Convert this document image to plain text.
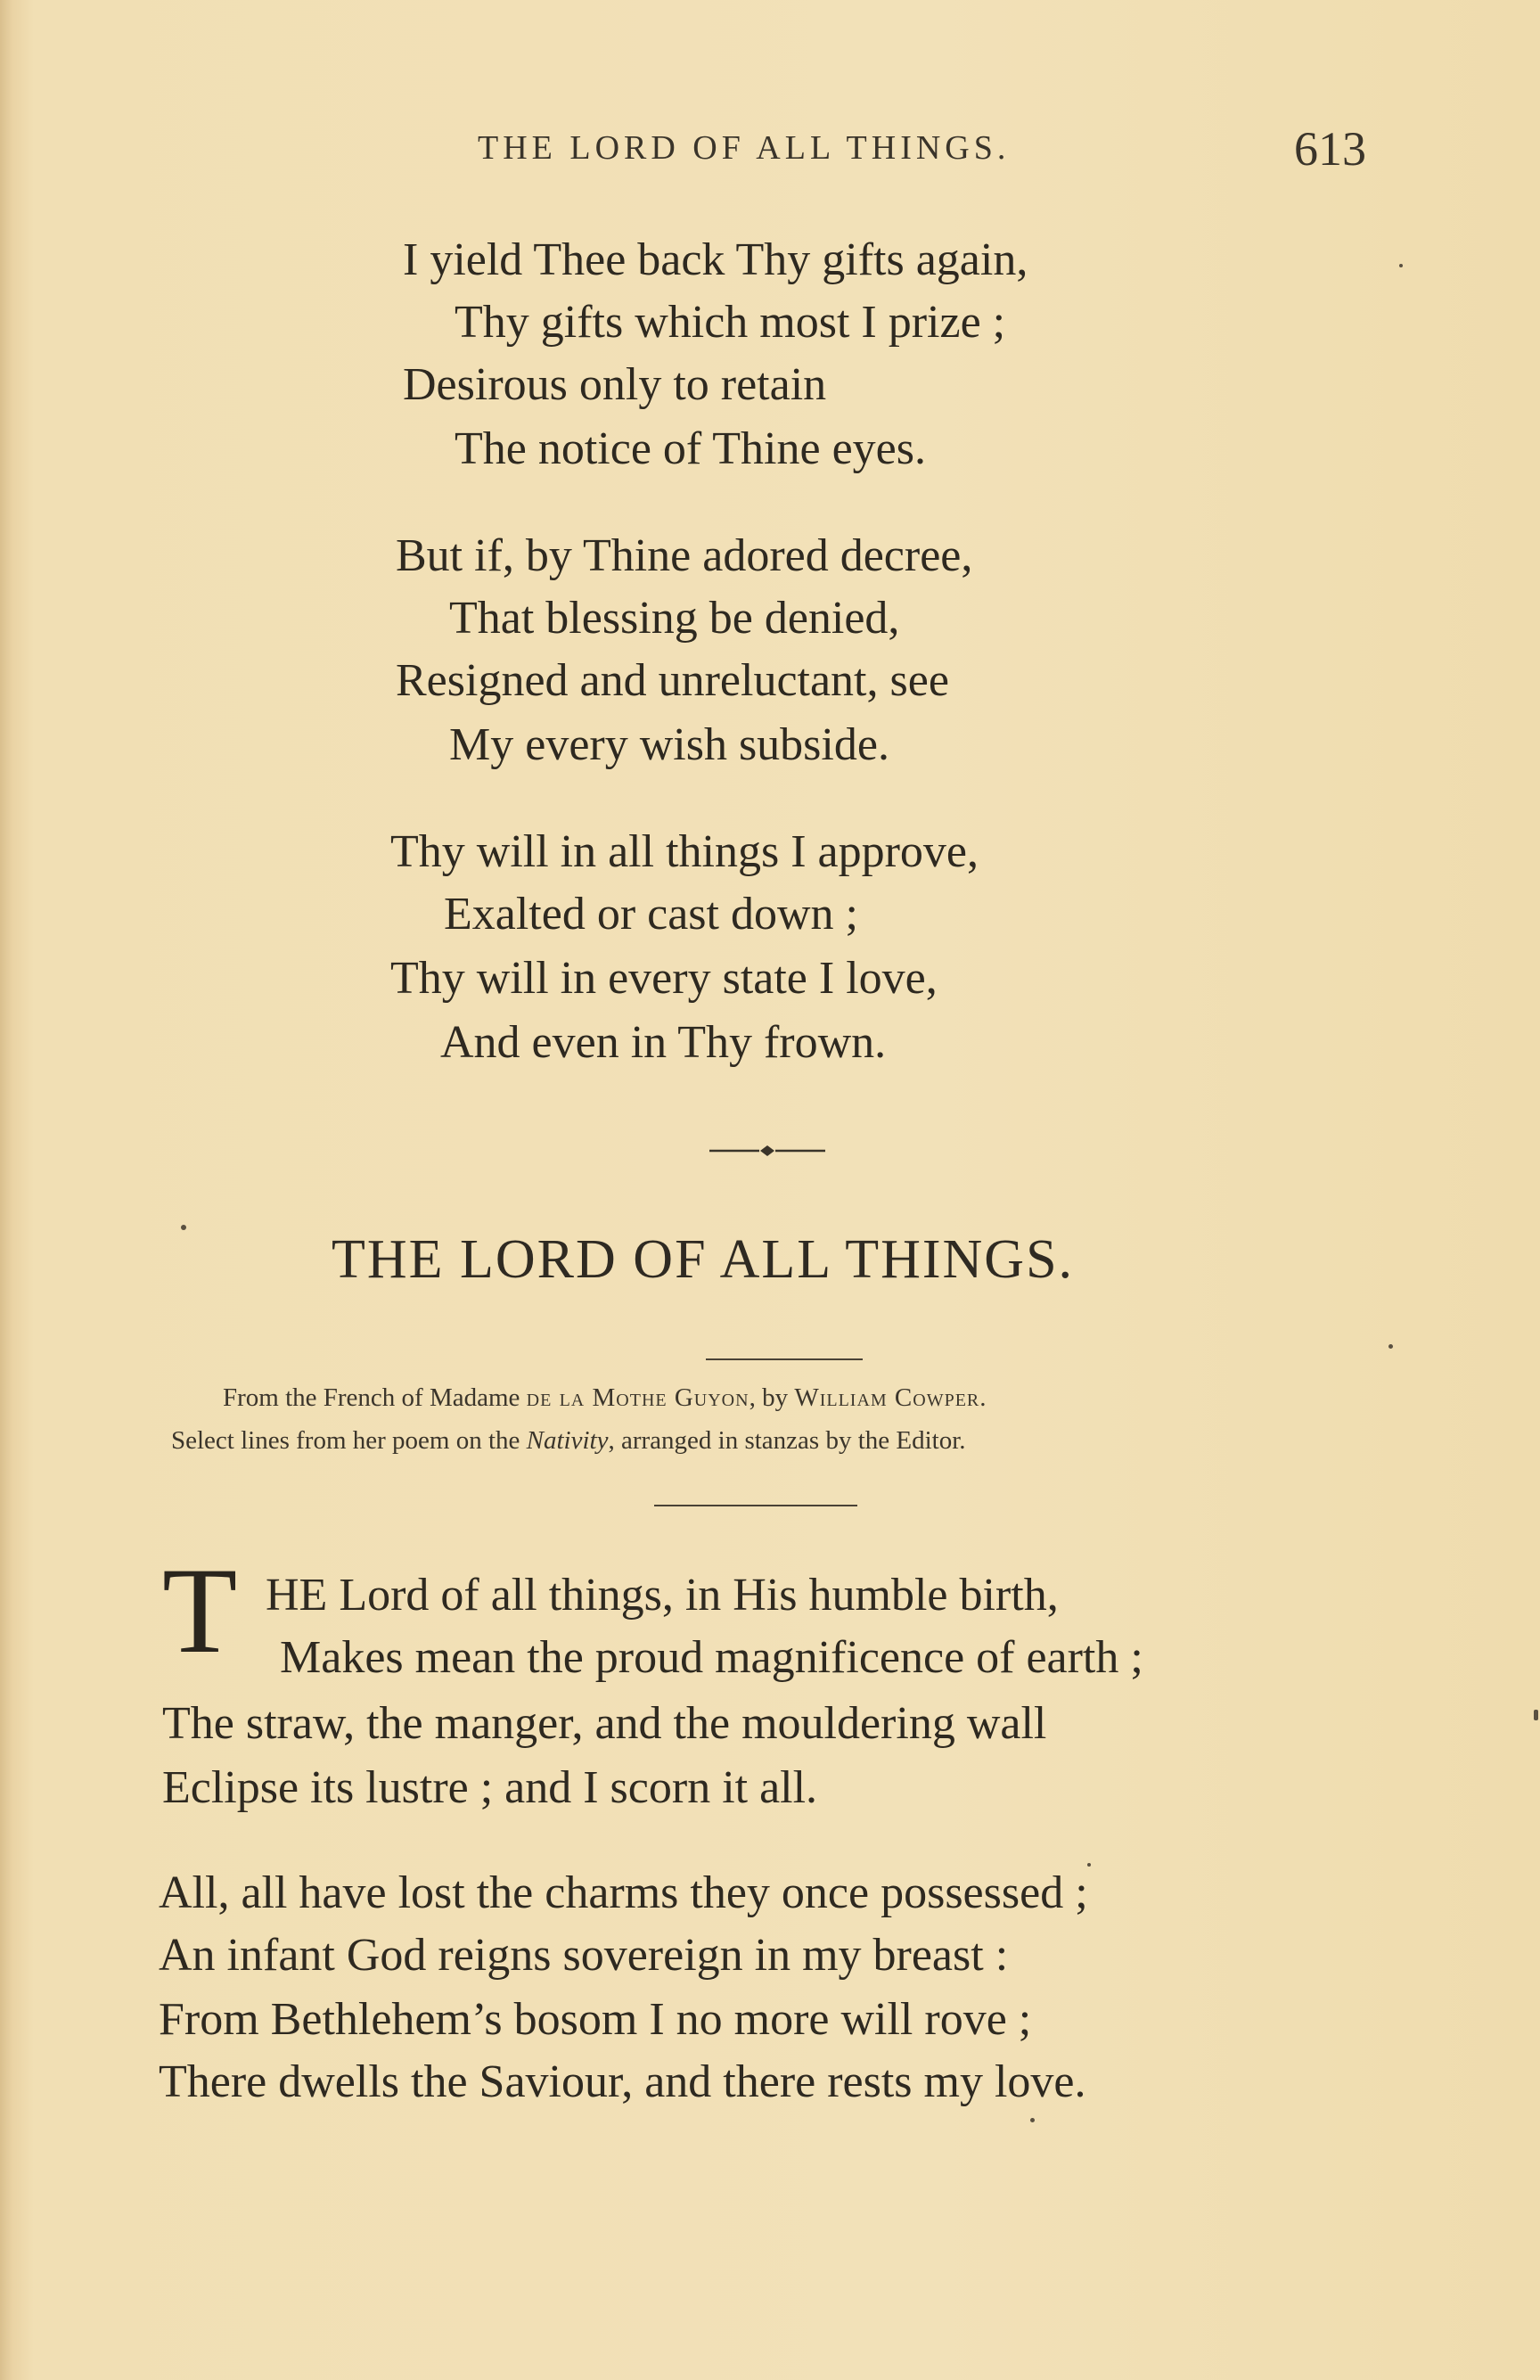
THE LORD OF ALL THINGS.	613
I yield Thee back Thy gifts again,
Thy gifts which most I prize ;
Desirous only to retain
The notice of Thine eyes.
But if, by Thine adored decree,
That blessing be denied,
Resigned and unreluctant, see
My every wish subside.
Thy will in all things I approve,
Exalted or cast down ;
Thy will in every state I love,
And even in Thy frown.
THE LORD OF ALL THINGS.
From the French of Madame de la Mothe Guyon, by William Cowper.
Select lines from her poem on the Nativity, arranged in stanzas by the Editor.
T HE Lord of all things, in His humble birth,
Makes mean the proud magnificence of earth ;
The straw, the manger, and the mouldering wall
Eclipse its lustre ; and I scorn it all.
All, all have lost the charms they once possessed ;
An infant God reigns sovereign in my breast :
From Bethlehem’s bosom I no more will rove ;
There dwells the Saviour, and there rests my love.
